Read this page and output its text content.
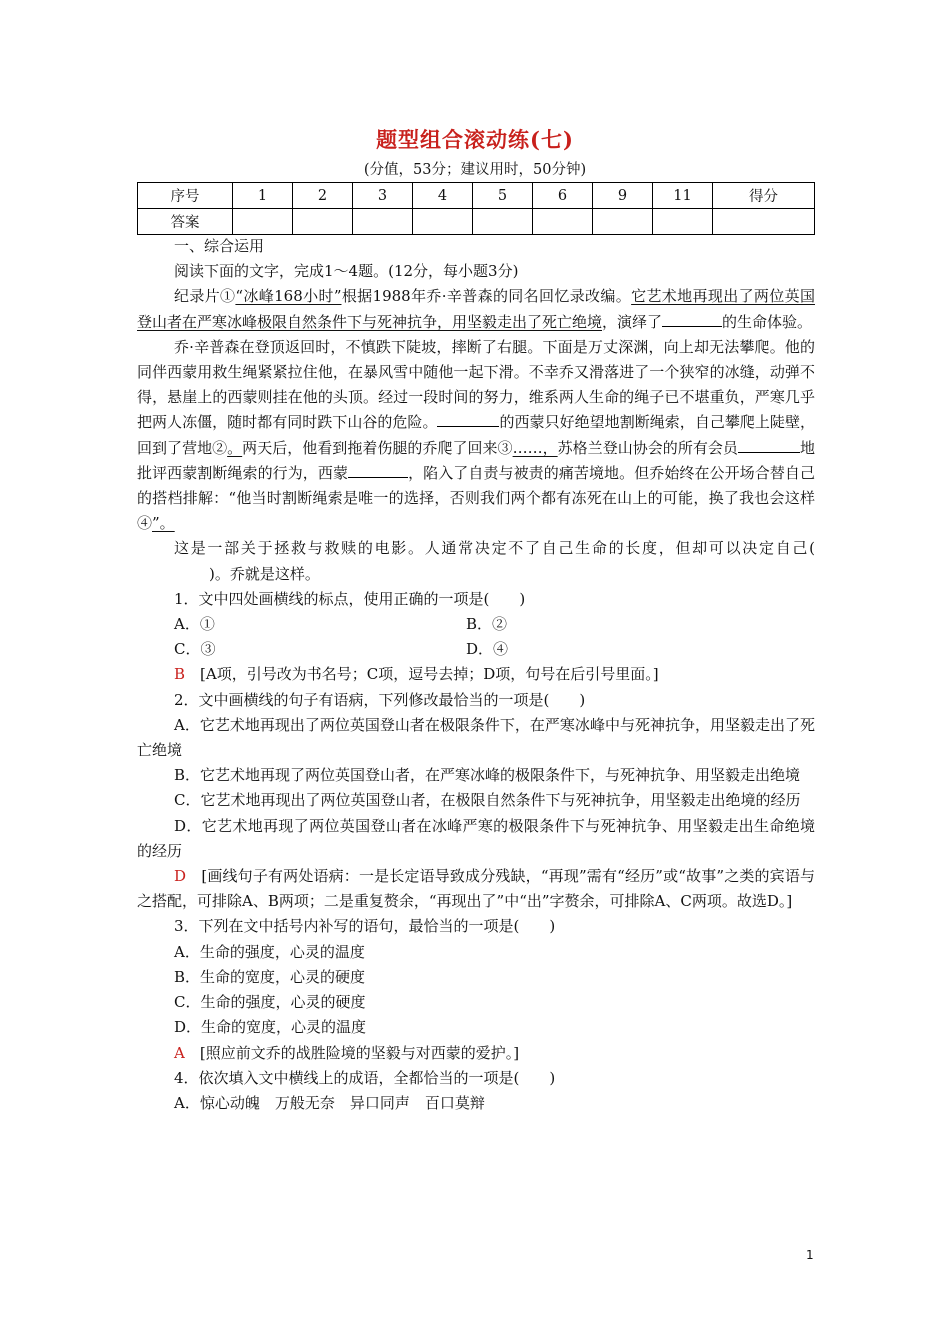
题型组合滚动练(七)
(分值，53分；建议用时，50分钟)
序号	1	2	3	4	5	6	9	11	得分
答案									

一、综合运用

阅读下面的文字，完成1～4题。(12分，每小题3分)

纪录片①“冰峰168小时”根据1988年乔·辛普森的同名回忆录改编。它艺术地再现出了两位英国登山者在严寒冰峰极限自然条件下与死神抗争，用坚毅走出了死亡绝境，演绎了	的生命体验。

乔·辛普森在登顶返回时，不慎跌下陡坡，摔断了右腿。下面是万丈深渊，向上却无法攀爬。他的同伴西蒙用救生绳紧紧拉住他，在暴风雪中随他一起下滑。不幸乔又滑落进了一个狭窄的冰缝，动弹不得，悬崖上的西蒙则挂在他的头顶。经过一段时间的努力，维系两人生命的绳子已不堪重负，严寒几乎把两人冻僵，随时都有同时跌下山谷的危险。	的西蒙只好绝望地割断绳索，自己攀爬上陡壁，回到了营地②。两天后，他看到拖着伤腿的乔爬了回来③……，苏格兰登山协会的所有会员	地批评西蒙割断绳索的行为，西蒙	，陷入了自责与被责的痛苦境地。但乔始终在公开场合替自己的搭档排解：“他当时割断绳索是唯一的选择，否则我们两个都有冻死在山上的可能，换了我也会这样④”。

这是一部关于拯救与救赎的电影。人通常决定不了自己生命的长度，但却可以决定自己()。乔就是这样。

1．文中四处画横线的标点，使用正确的一项是(　　)

A．①	B．②

C．③	D．④

B　 [A项，引号改为书名号；C项，逗号去掉；D项，句号在后引号里面。]

2．文中画横线的句子有语病，下列修改最恰当的一项是(　　)

A．它艺术地再现出了两位英国登山者在极限条件下，在严寒冰峰中与死神抗争，用坚毅走出了死亡绝境

B．它艺术地再现了两位英国登山者，在严寒冰峰的极限条件下，与死神抗争、用坚毅走出绝境

C．它艺术地再现出了两位英国登山者，在极限自然条件下与死神抗争，用坚毅走出绝境的经历

D．它艺术地再现了两位英国登山者在冰峰严寒的极限条件下与死神抗争、用坚毅走出生命绝境的经历

D　 [画线句子有两处语病：一是长定语导致成分残缺，“再现”需有“经历”或“故事”之类的宾语与之搭配，可排除A、B两项；二是重复赘余，“再现出了”中“出”字赘余，可排除A、C两项。故选D。]

3．下列在文中括号内补写的语句，最恰当的一项是(　　)

A．生命的强度，心灵的温度

B．生命的宽度，心灵的硬度

C．生命的强度，心灵的硬度

D．生命的宽度，心灵的温度

A　 [照应前文乔的战胜险境的坚毅与对西蒙的爱护。]

4．依次填入文中横线上的成语，全都恰当的一项是(　　)

A．惊心动魄　万般无奈　异口同声　百口莫辩

1
